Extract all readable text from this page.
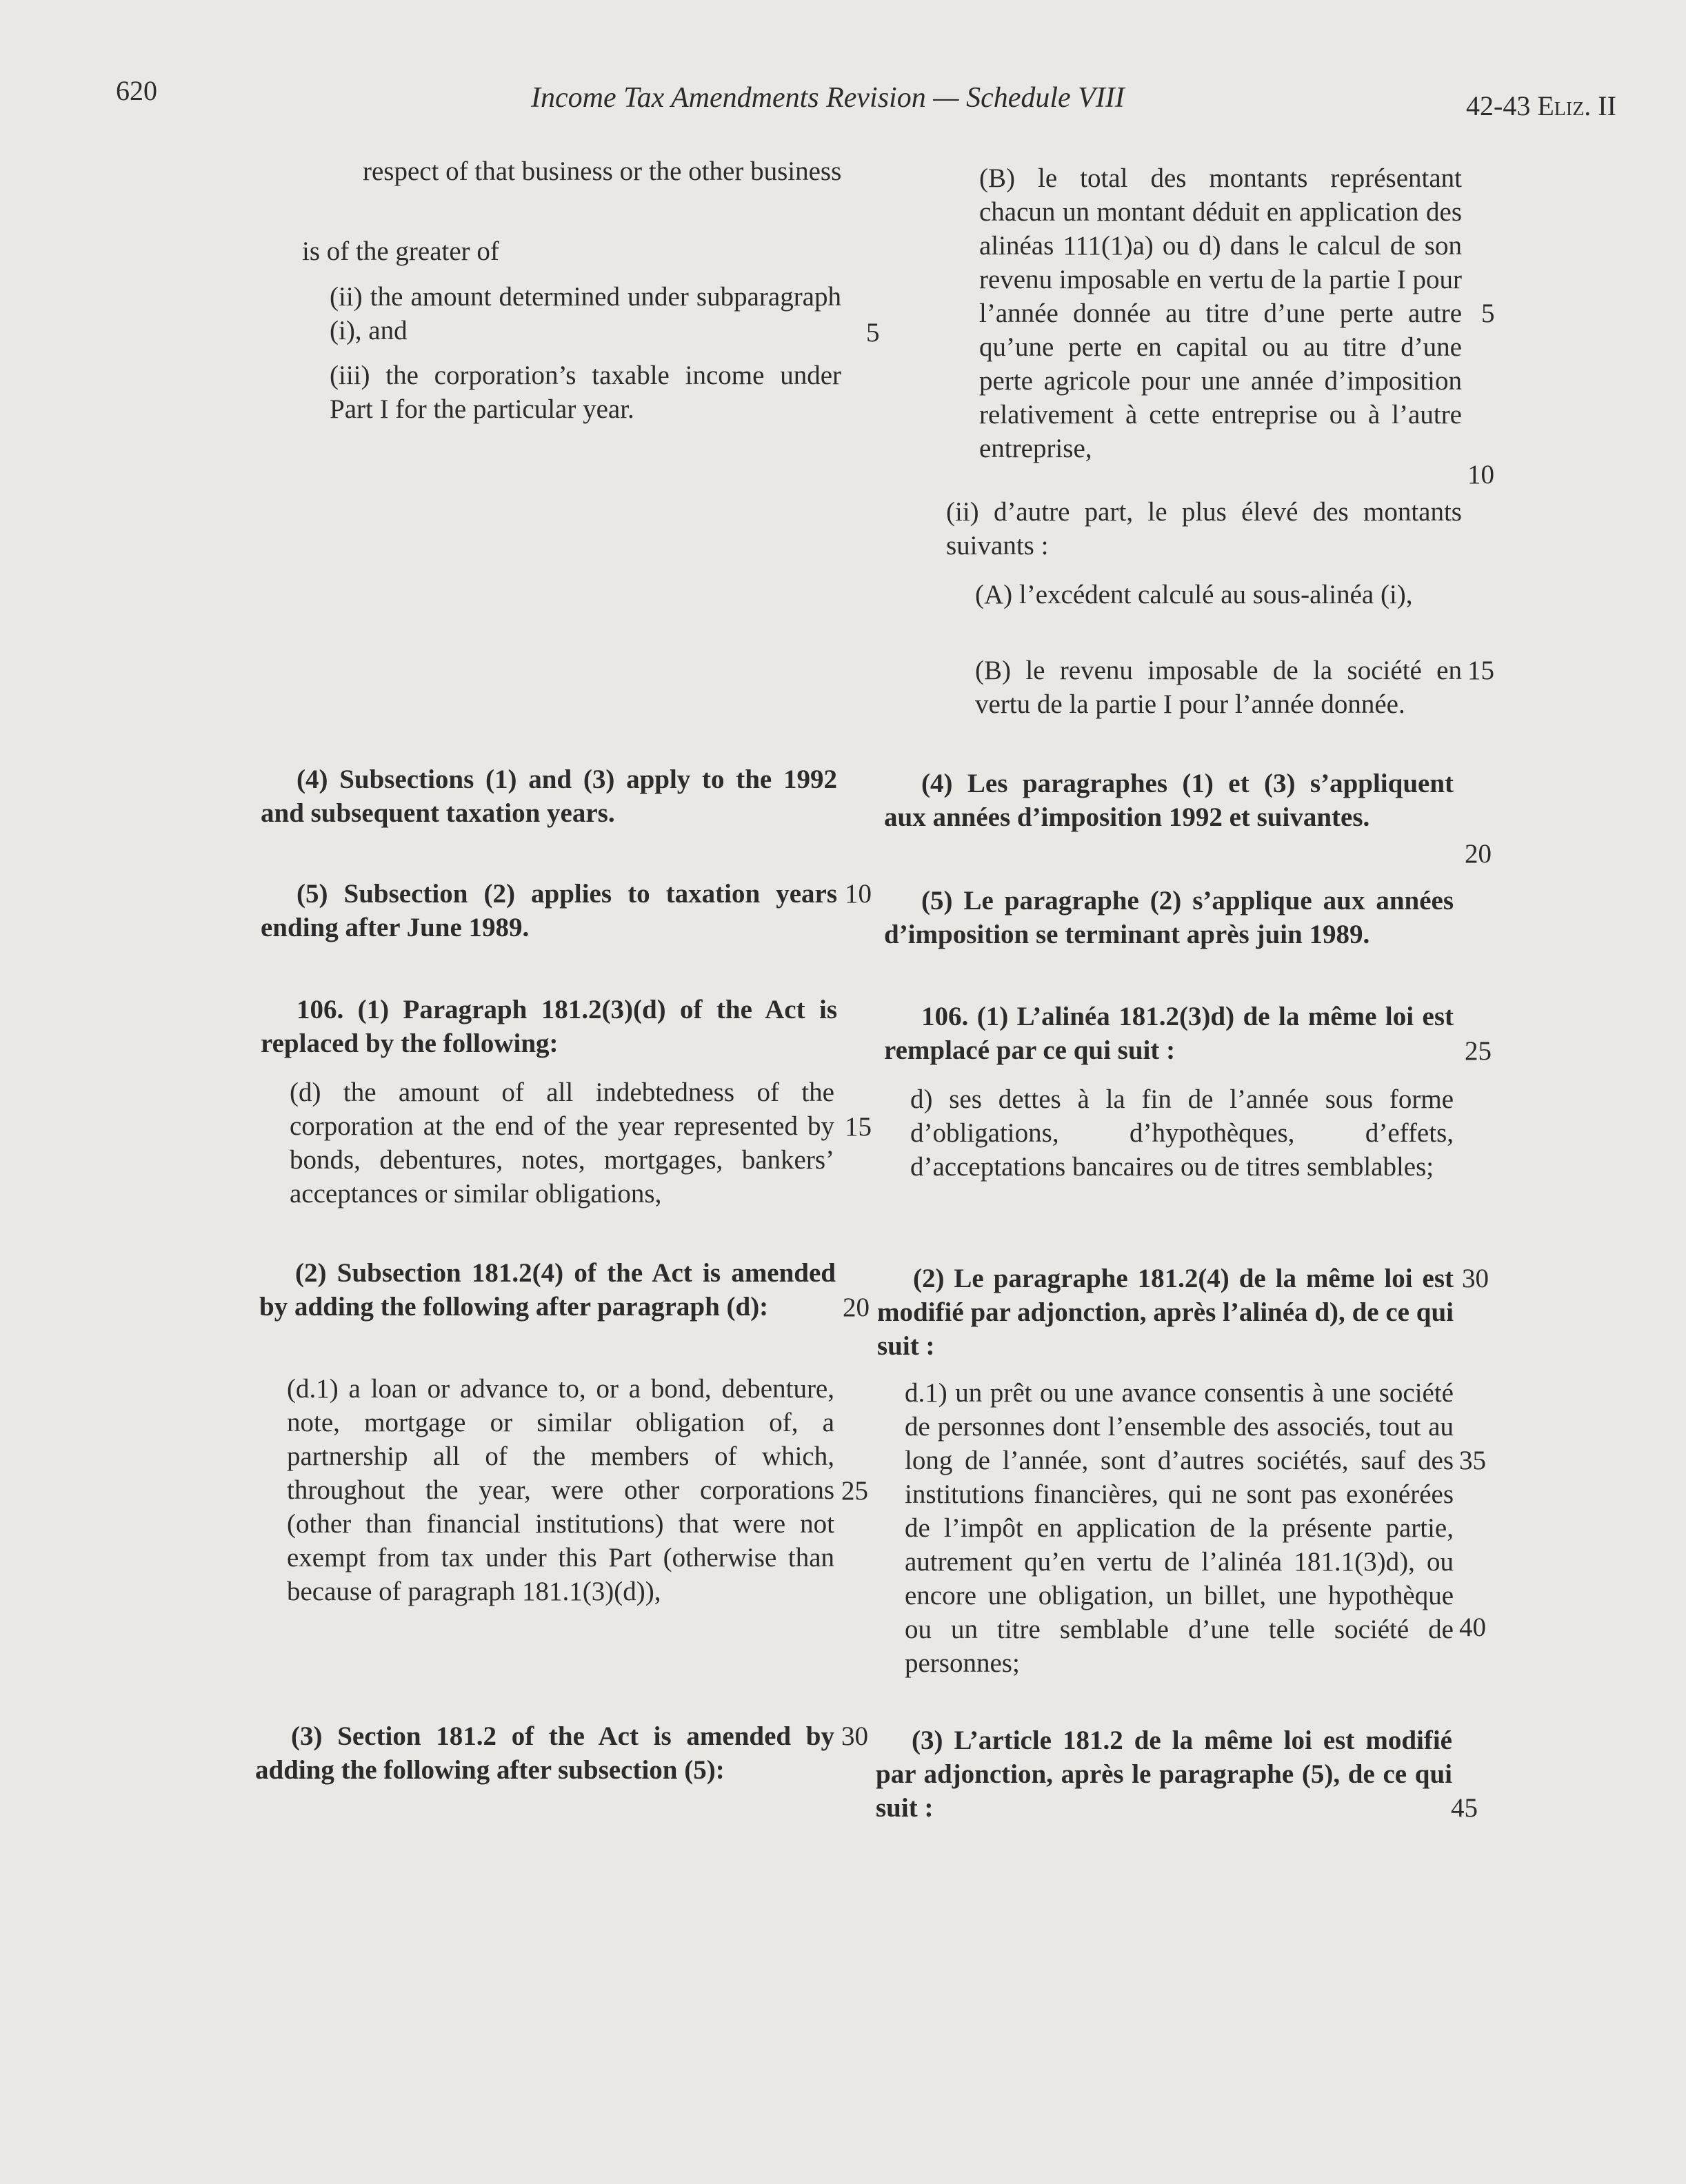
620	Income Tax Amendments Revision — Schedule VIII	42-43 Eliz. II
respect of that business or the other business
is of the greater of
(ii) the amount determined under subparagraph (i), and
(iii) the corporation’s taxable income under Part I for the particular year.
(4) Subsections (1) and (3) apply to the 1992 and subsequent taxation years.
(5) Subsection (2) applies to taxation years ending after June 1989.
106. (1) Paragraph 181.2(3)(d) of the Act is replaced by the following:
(d) the amount of all indebtedness of the corporation at the end of the year represented by bonds, debentures, notes, mortgages, bankers’ acceptances or similar obligations,
(2) Subsection 181.2(4) of the Act is amended by adding the following after paragraph (d):
(d.1) a loan or advance to, or a bond, debenture, note, mortgage or similar obligation of, a partnership all of the members of which, throughout the year, were other corporations (other than financial institutions) that were not exempt from tax under this Part (otherwise than because of paragraph 181.1(3)(d)),
(3) Section 181.2 of the Act is amended by adding the following after subsection (5):
5
10
15
20
25
30
(B) le total des montants représentant chacun un montant déduit en application des alinéas 111(1)a) ou d) dans le calcul de son revenu imposable en vertu de la partie I pour l’année donnée au titre d’une perte autre qu’une perte en capital ou au titre d’une perte agricole pour une année d’imposition relativement à cette entreprise ou à l’autre entreprise,
(ii) d’autre part, le plus élevé des montants suivants :
(A) l’excédent calculé au sous-alinéa (i),
(B) le revenu imposable de la société en vertu de la partie I pour l’année donnée.
(4) Les paragraphes (1) et (3) s’appliquent aux années d’imposition 1992 et suivantes.
(5) Le paragraphe (2) s’applique aux années d’imposition se terminant après juin 1989.
106. (1) L’alinéa 181.2(3)d) de la même loi est remplacé par ce qui suit :
d) ses dettes à la fin de l’année sous forme d’obligations, d’hypothèques, d’effets, d’acceptations bancaires ou de titres semblables;
(2) Le paragraphe 181.2(4) de la même loi est modifié par adjonction, après l’alinéa d), de ce qui suit :
d.1) un prêt ou une avance consentis à une société de personnes dont l’ensemble des associés, tout au long de l’année, sont d’autres sociétés, sauf des institutions financières, qui ne sont pas exonérées de l’impôt en application de la présente partie, autrement qu’en vertu de l’alinéa 181.1(3)d), ou encore une obligation, un billet, une hypothèque ou un titre semblable d’une telle société de personnes;
(3) L’article 181.2 de la même loi est modifié par adjonction, après le paragraphe (5), de ce qui suit :
5
10
15
20
25
30
35
40
45
